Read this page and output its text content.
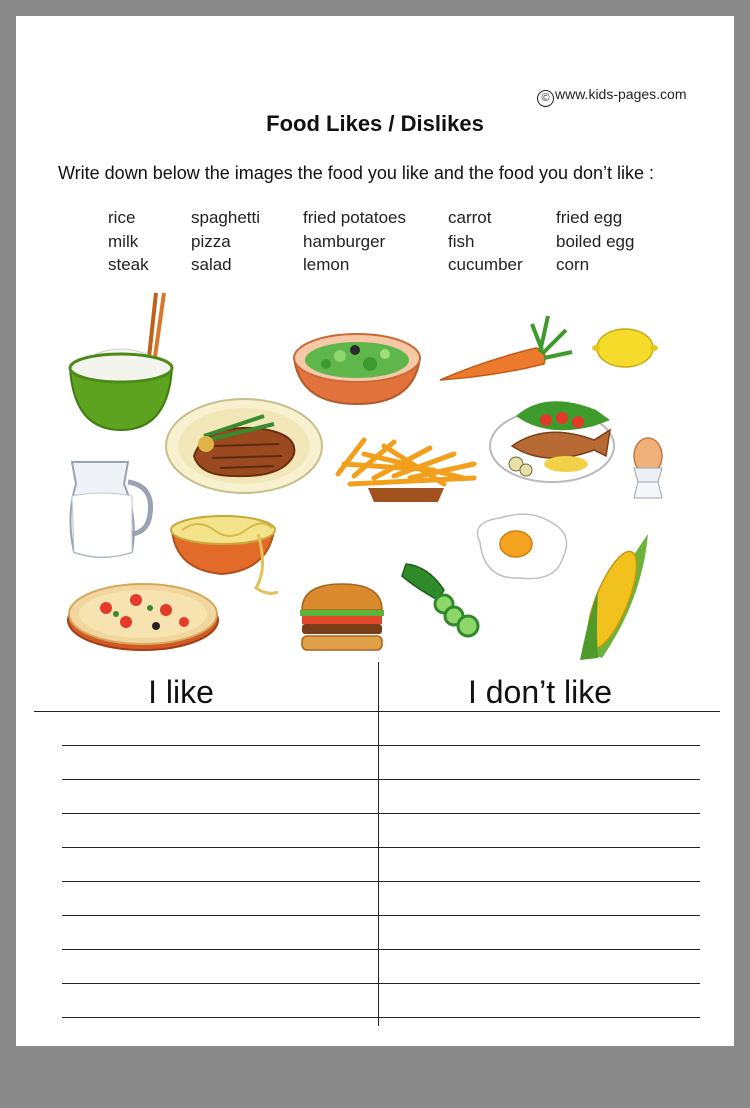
© www.kids-pages.com
Food Likes / Dislikes
Write down below the images the food you like and the food you don’t like :
rice
milk
steak
spaghetti
pizza
salad
fried potatoes
hamburger
lemon
carrot
fish
cucumber
fried egg
boiled egg
corn
I like	I don’t like
